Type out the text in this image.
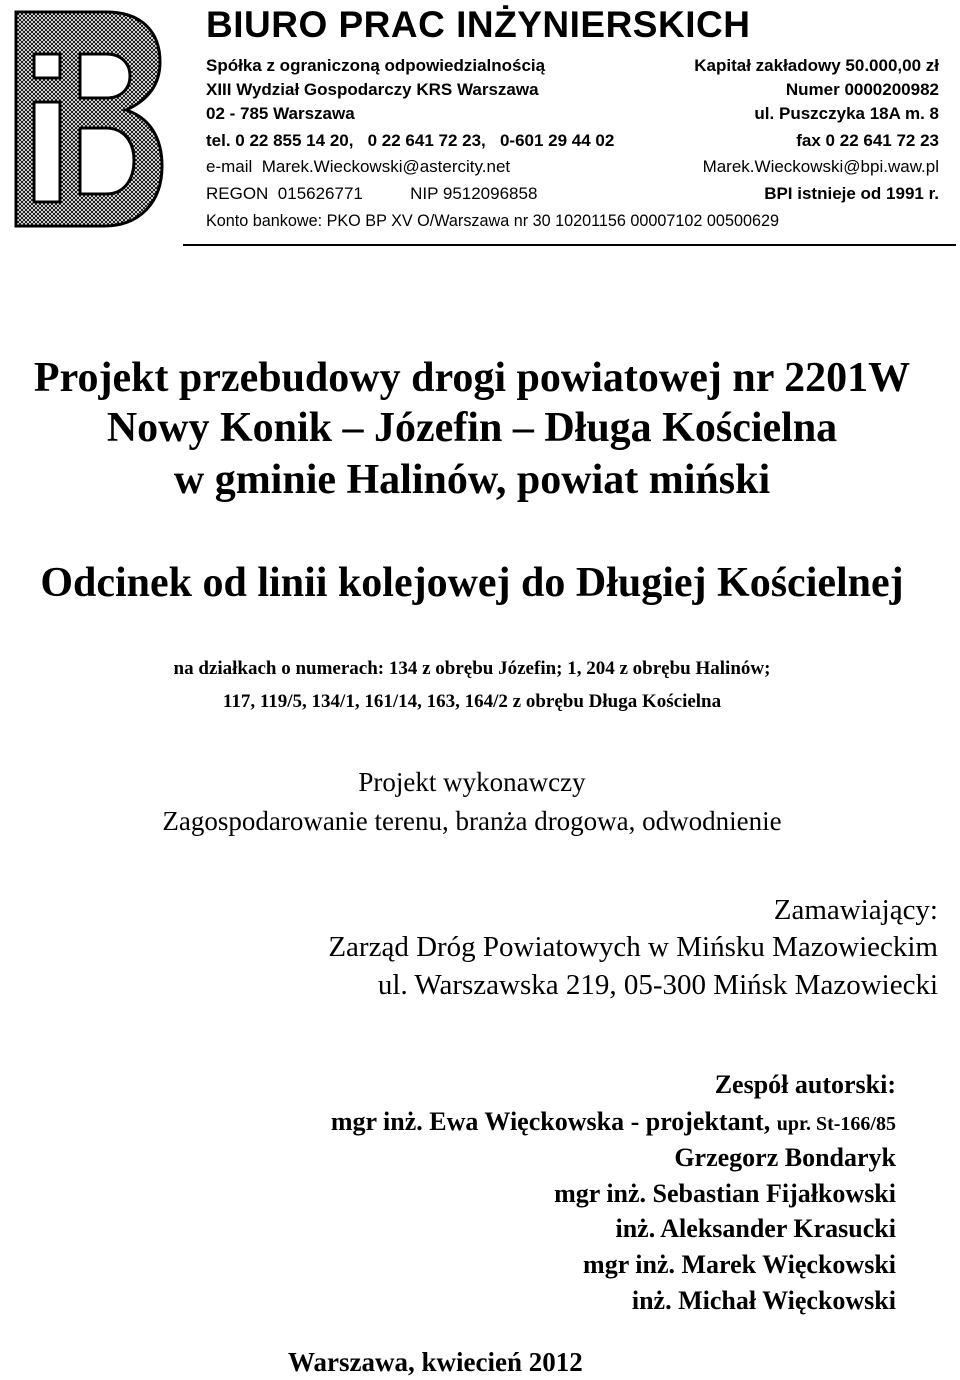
BIURO PRAC INŻYNIERSKICH
Spółka z ograniczoną odpowiedzialnością	Kapitał zakładowy 50.000,00 zł
XIII Wydział Gospodarczy KRS Warszawa	Numer 0000200982
02 - 785 Warszawa	ul. Puszczyka 18A m. 8
tel. 0 22 855 14 20,   0 22 641 72 23,   0-601 29 44 02	fax 0 22 641 72 23
e-mail  Marek.Wieckowski@astercity.net	Marek.Wieckowski@bpi.waw.pl
REGON  015626771          NIP 9512096858	BPI istnieje od 1991 r.
Konto bankowe: PKO BP XV O/Warszawa nr 30 10201156 00007102 00500629
Projekt przebudowy drogi powiatowej nr 2201W
Nowy Konik – Józefin – Długa Kościelna
w gminie Halinów, powiat miński
Odcinek od linii kolejowej do Długiej Kościelnej
na działkach o numerach: 134 z obrębu Józefin; 1, 204 z obrębu Halinów;
117, 119/5, 134/1, 161/14, 163, 164/2 z obrębu Długa Kościelna
Projekt wykonawczy
Zagospodarowanie terenu, branża drogowa, odwodnienie
Zamawiający:
Zarząd Dróg Powiatowych w Mińsku Mazowieckim
ul. Warszawska 219, 05-300 Mińsk Mazowiecki
Zespół autorski:
mgr inż. Ewa Więckowska - projektant, upr. St-166/85
Grzegorz Bondaryk
mgr inż. Sebastian Fijałkowski
inż. Aleksander Krasucki
mgr inż. Marek Więckowski
inż. Michał Więckowski
Warszawa, kwiecień 2012
